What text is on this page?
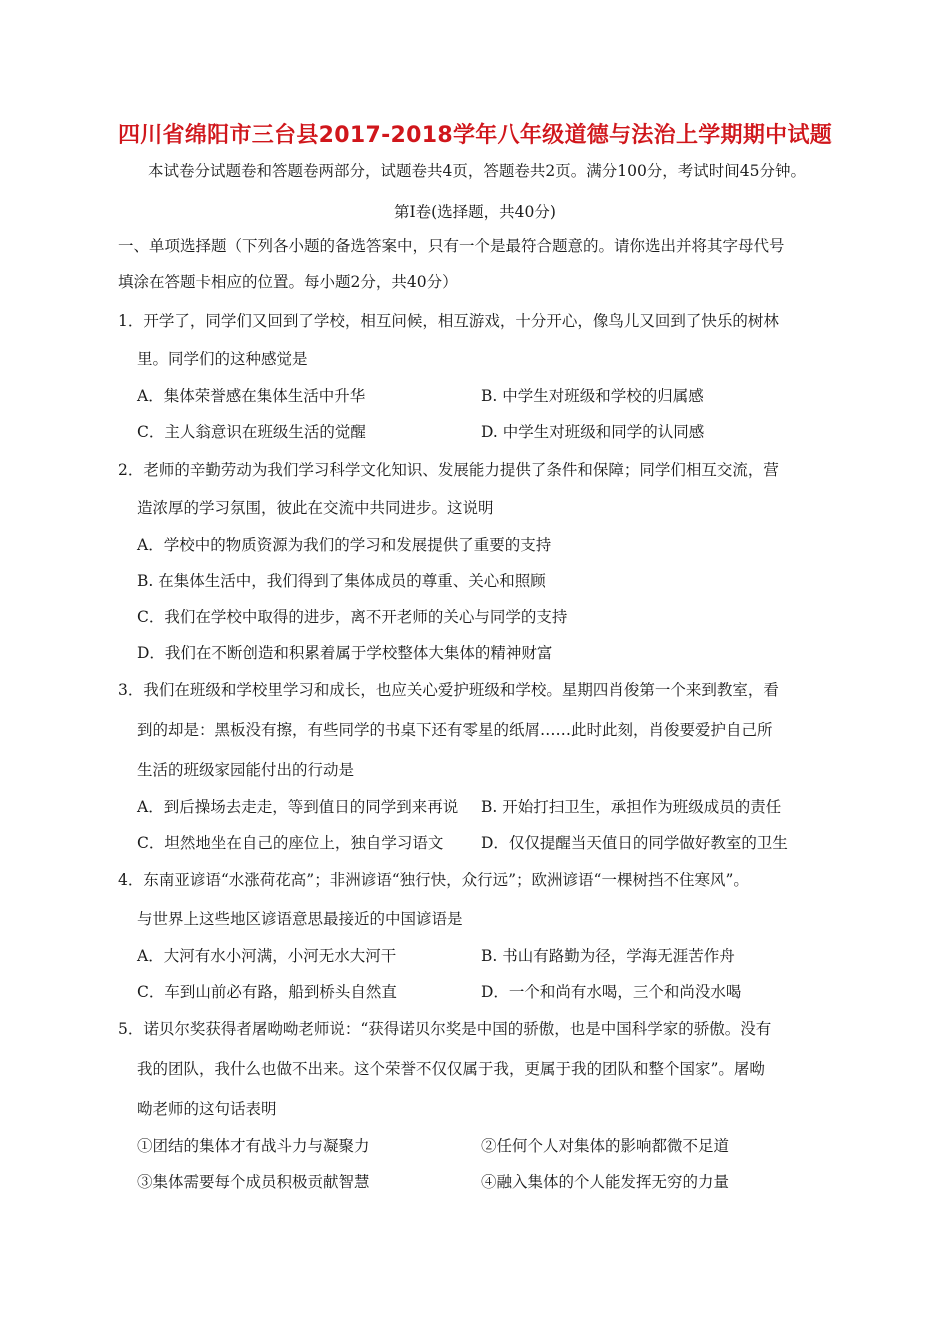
四川省绵阳市三台县2017-2018学年八年级道德与法治上学期期中试题
本试卷分试题卷和答题卷两部分，试题卷共4页，答题卷共2页。满分100分，考试时间45分钟。
第Ⅰ卷(选择题，共40分)
一、单项选择题（下列各小题的备选答案中，只有一个是最符合题意的。请你选出并将其字母代号
填涂在答题卡相应的位置。每小题2分，共40分）
1．开学了，同学们又回到了学校，相互问候，相互游戏，十分开心，像鸟儿又回到了快乐的树林
里。同学们的这种感觉是
A．集体荣誉感在集体生活中升华	B. 中学生对班级和学校的归属感
C．主人翁意识在班级生活的觉醒	D. 中学生对班级和同学的认同感
2．老师的辛勤劳动为我们学习科学文化知识、发展能力提供了条件和保障；同学们相互交流，营
造浓厚的学习氛围，彼此在交流中共同进步。这说明
A．学校中的物质资源为我们的学习和发展提供了重要的支持
B. 在集体生活中，我们得到了集体成员的尊重、关心和照顾
C．我们在学校中取得的进步，离不开老师的关心与同学的支持
D．我们在不断创造和积累着属于学校整体大集体的精神财富
3．我们在班级和学校里学习和成长，也应关心爱护班级和学校。星期四肖俊第一个来到教室，看
到的却是：黑板没有擦，有些同学的书桌下还有零星的纸屑……此时此刻，肖俊要爱护自己所
生活的班级家园能付出的行动是
A．到后操场去走走，等到值日的同学到来再说 B. 开始打扫卫生，承担作为班级成员的责任
C．坦然地坐在自己的座位上，独自学习语文 D．仅仅提醒当天值日的同学做好教室的卫生
4．东南亚谚语“水涨荷花高”；非洲谚语“独行快，众行远”；欧洲谚语“一棵树挡不住寒风”。
与世界上这些地区谚语意思最接近的中国谚语是
A．大河有水小河满，小河无水大河干	B. 书山有路勤为径，学海无涯苦作舟
C．车到山前必有路，船到桥头自然直	D．一个和尚有水喝，三个和尚没水喝
5．诺贝尔奖获得者屠呦呦老师说：“获得诺贝尔奖是中国的骄傲，也是中国科学家的骄傲。没有
我的团队，我什么也做不出来。这个荣誉不仅仅属于我，更属于我的团队和整个国家”。屠呦
呦老师的这句话表明
①团结的集体才有战斗力与凝聚力	②任何个人对集体的影响都微不足道
③集体需要每个成员积极贡献智慧	④融入集体的个人能发挥无穷的力量
